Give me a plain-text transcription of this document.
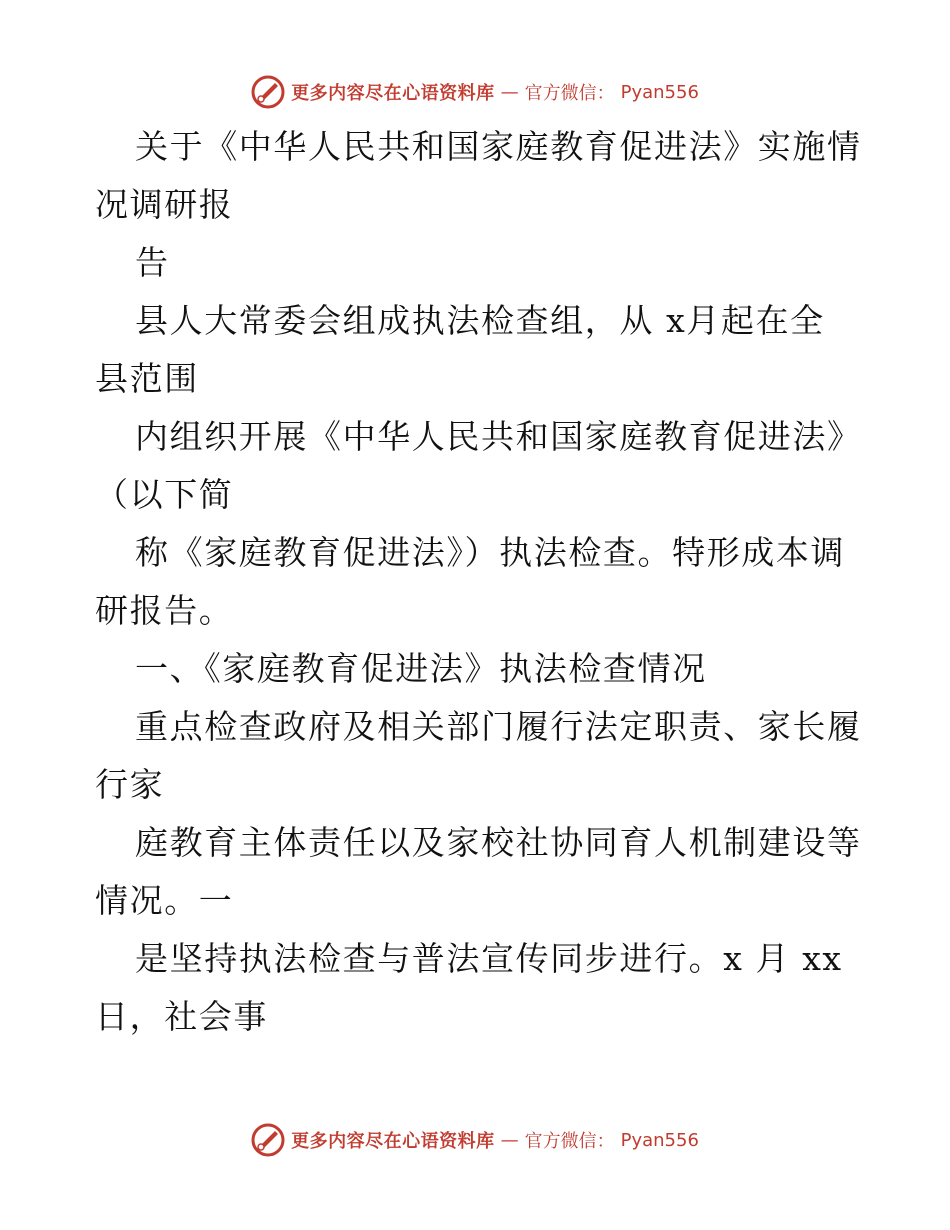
更多内容尽在心语资料库 — 官方微信： Pyan556
关于《中华人民共和国家庭教育促进法》实施情
况调研报
告
县人大常委会组成执法检查组，从 x月起在全
县范围
内组织开展《中华人民共和国家庭教育促进法》
（以下简
称《家庭教育促进法》）执法检查。特形成本调
研报告。
一、《家庭教育促进法》执法检查情况
重点检查政府及相关部门履行法定职责、家长履
行家
庭教育主体责任以及家校社协同育人机制建设等
情况。一
是坚持执法检查与普法宣传同步进行。x 月 xx
日，社会事
更多内容尽在心语资料库 — 官方微信： Pyan556
